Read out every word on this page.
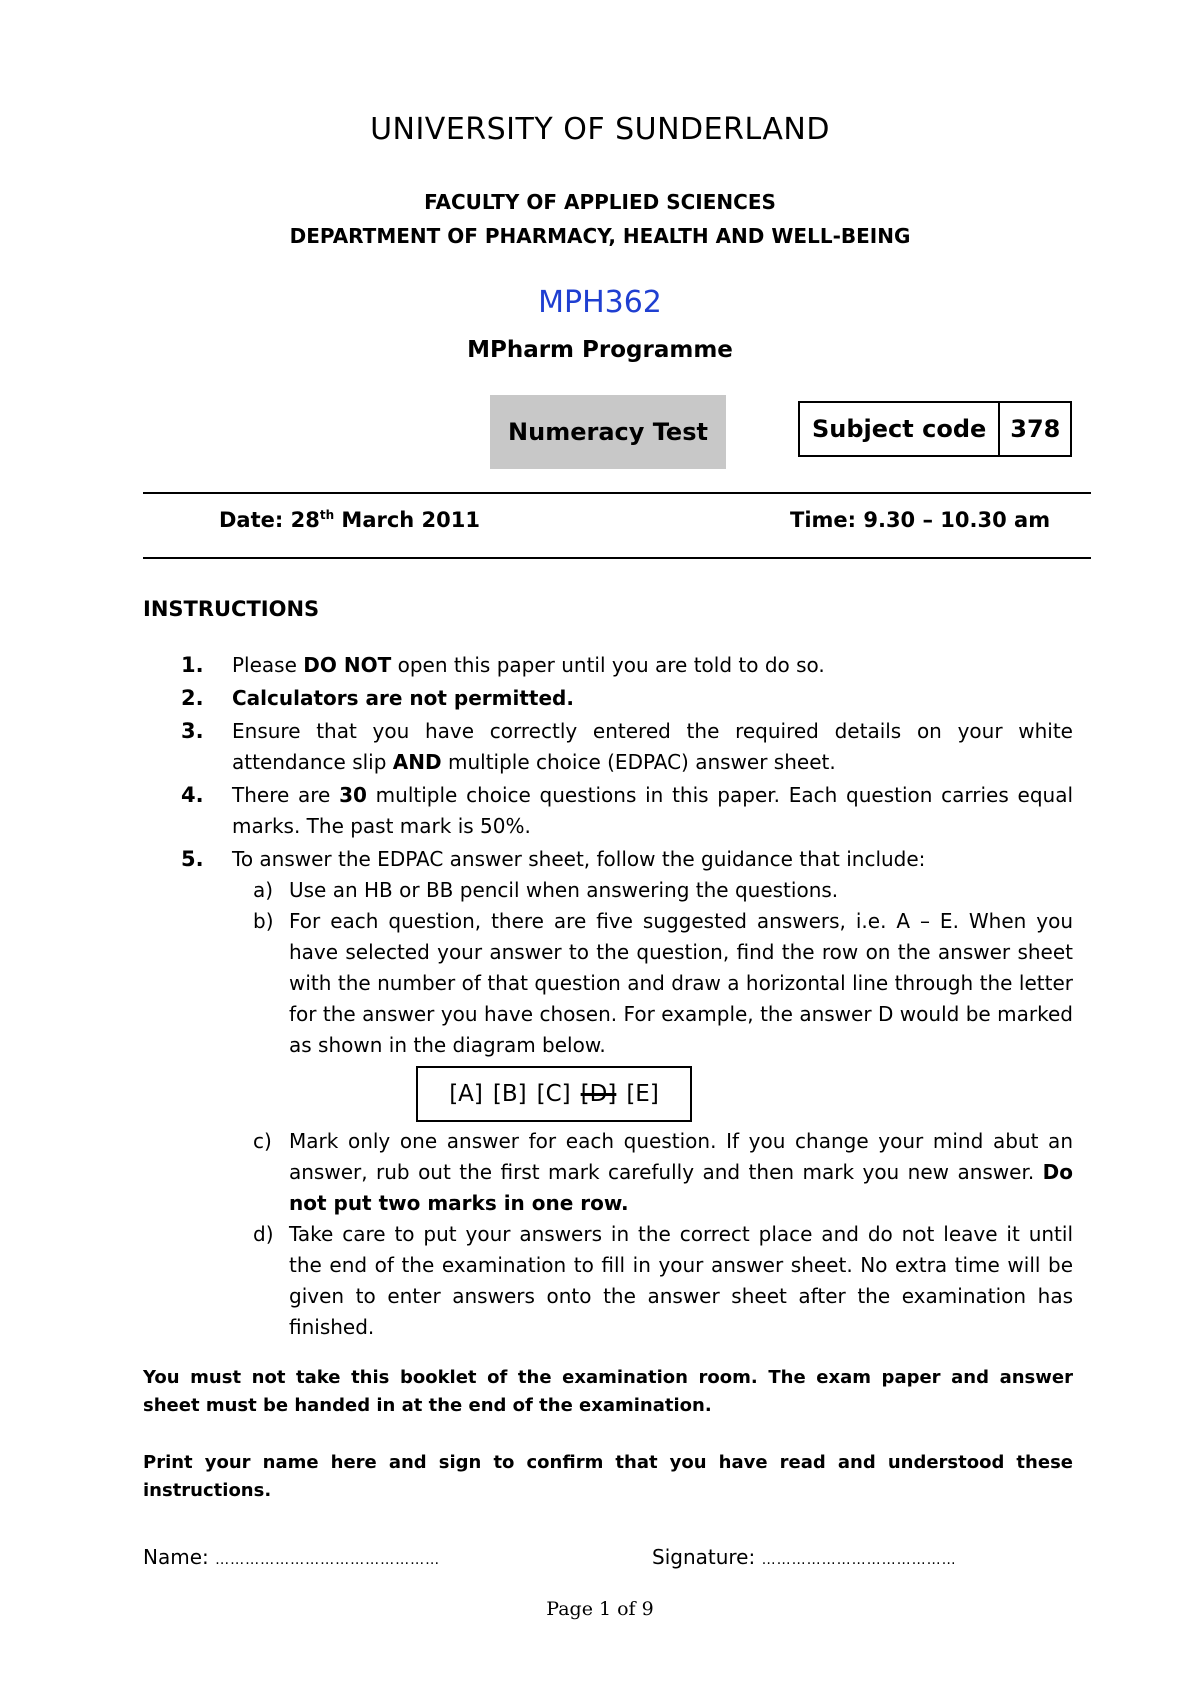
UNIVERSITY OF SUNDERLAND
FACULTY OF APPLIED SCIENCES
DEPARTMENT OF PHARMACY, HEALTH AND WELL-BEING
MPH362
MPharm Programme
Numeracy Test	Subject code	378
Date: 28th March 2011	Time: 9.30 – 10.30 am
INSTRUCTIONS
1. Please DO NOT open this paper until you are told to do so.
2. Calculators are not permitted.
3. Ensure that you have correctly entered the required details on your white attendance slip AND multiple choice (EDPAC) answer sheet.
4. There are 30 multiple choice questions in this paper. Each question carries equal marks. The past mark is 50%.
5. To answer the EDPAC answer sheet, follow the guidance that include:
a) Use an HB or BB pencil when answering the questions.
b) For each question, there are five suggested answers, i.e. A – E. When you have selected your answer to the question, find the row on the answer sheet with the number of that question and draw a horizontal line through the letter for the answer you have chosen. For example, the answer D would be marked as shown in the diagram below.
[A] [B] [C] [D] [E]
c) Mark only one answer for each question. If you change your mind abut an answer, rub out the first mark carefully and then mark you new answer. Do not put two marks in one row.
d) Take care to put your answers in the correct place and do not leave it until the end of the examination to fill in your answer sheet. No extra time will be given to enter answers onto the answer sheet after the examination has finished.
You must not take this booklet of the examination room. The exam paper and answer sheet must be handed in at the end of the examination.
Print your name here and sign to confirm that you have read and understood these instructions.
Name: ………………………………………	Signature: …………………………………
Page 1 of 9
